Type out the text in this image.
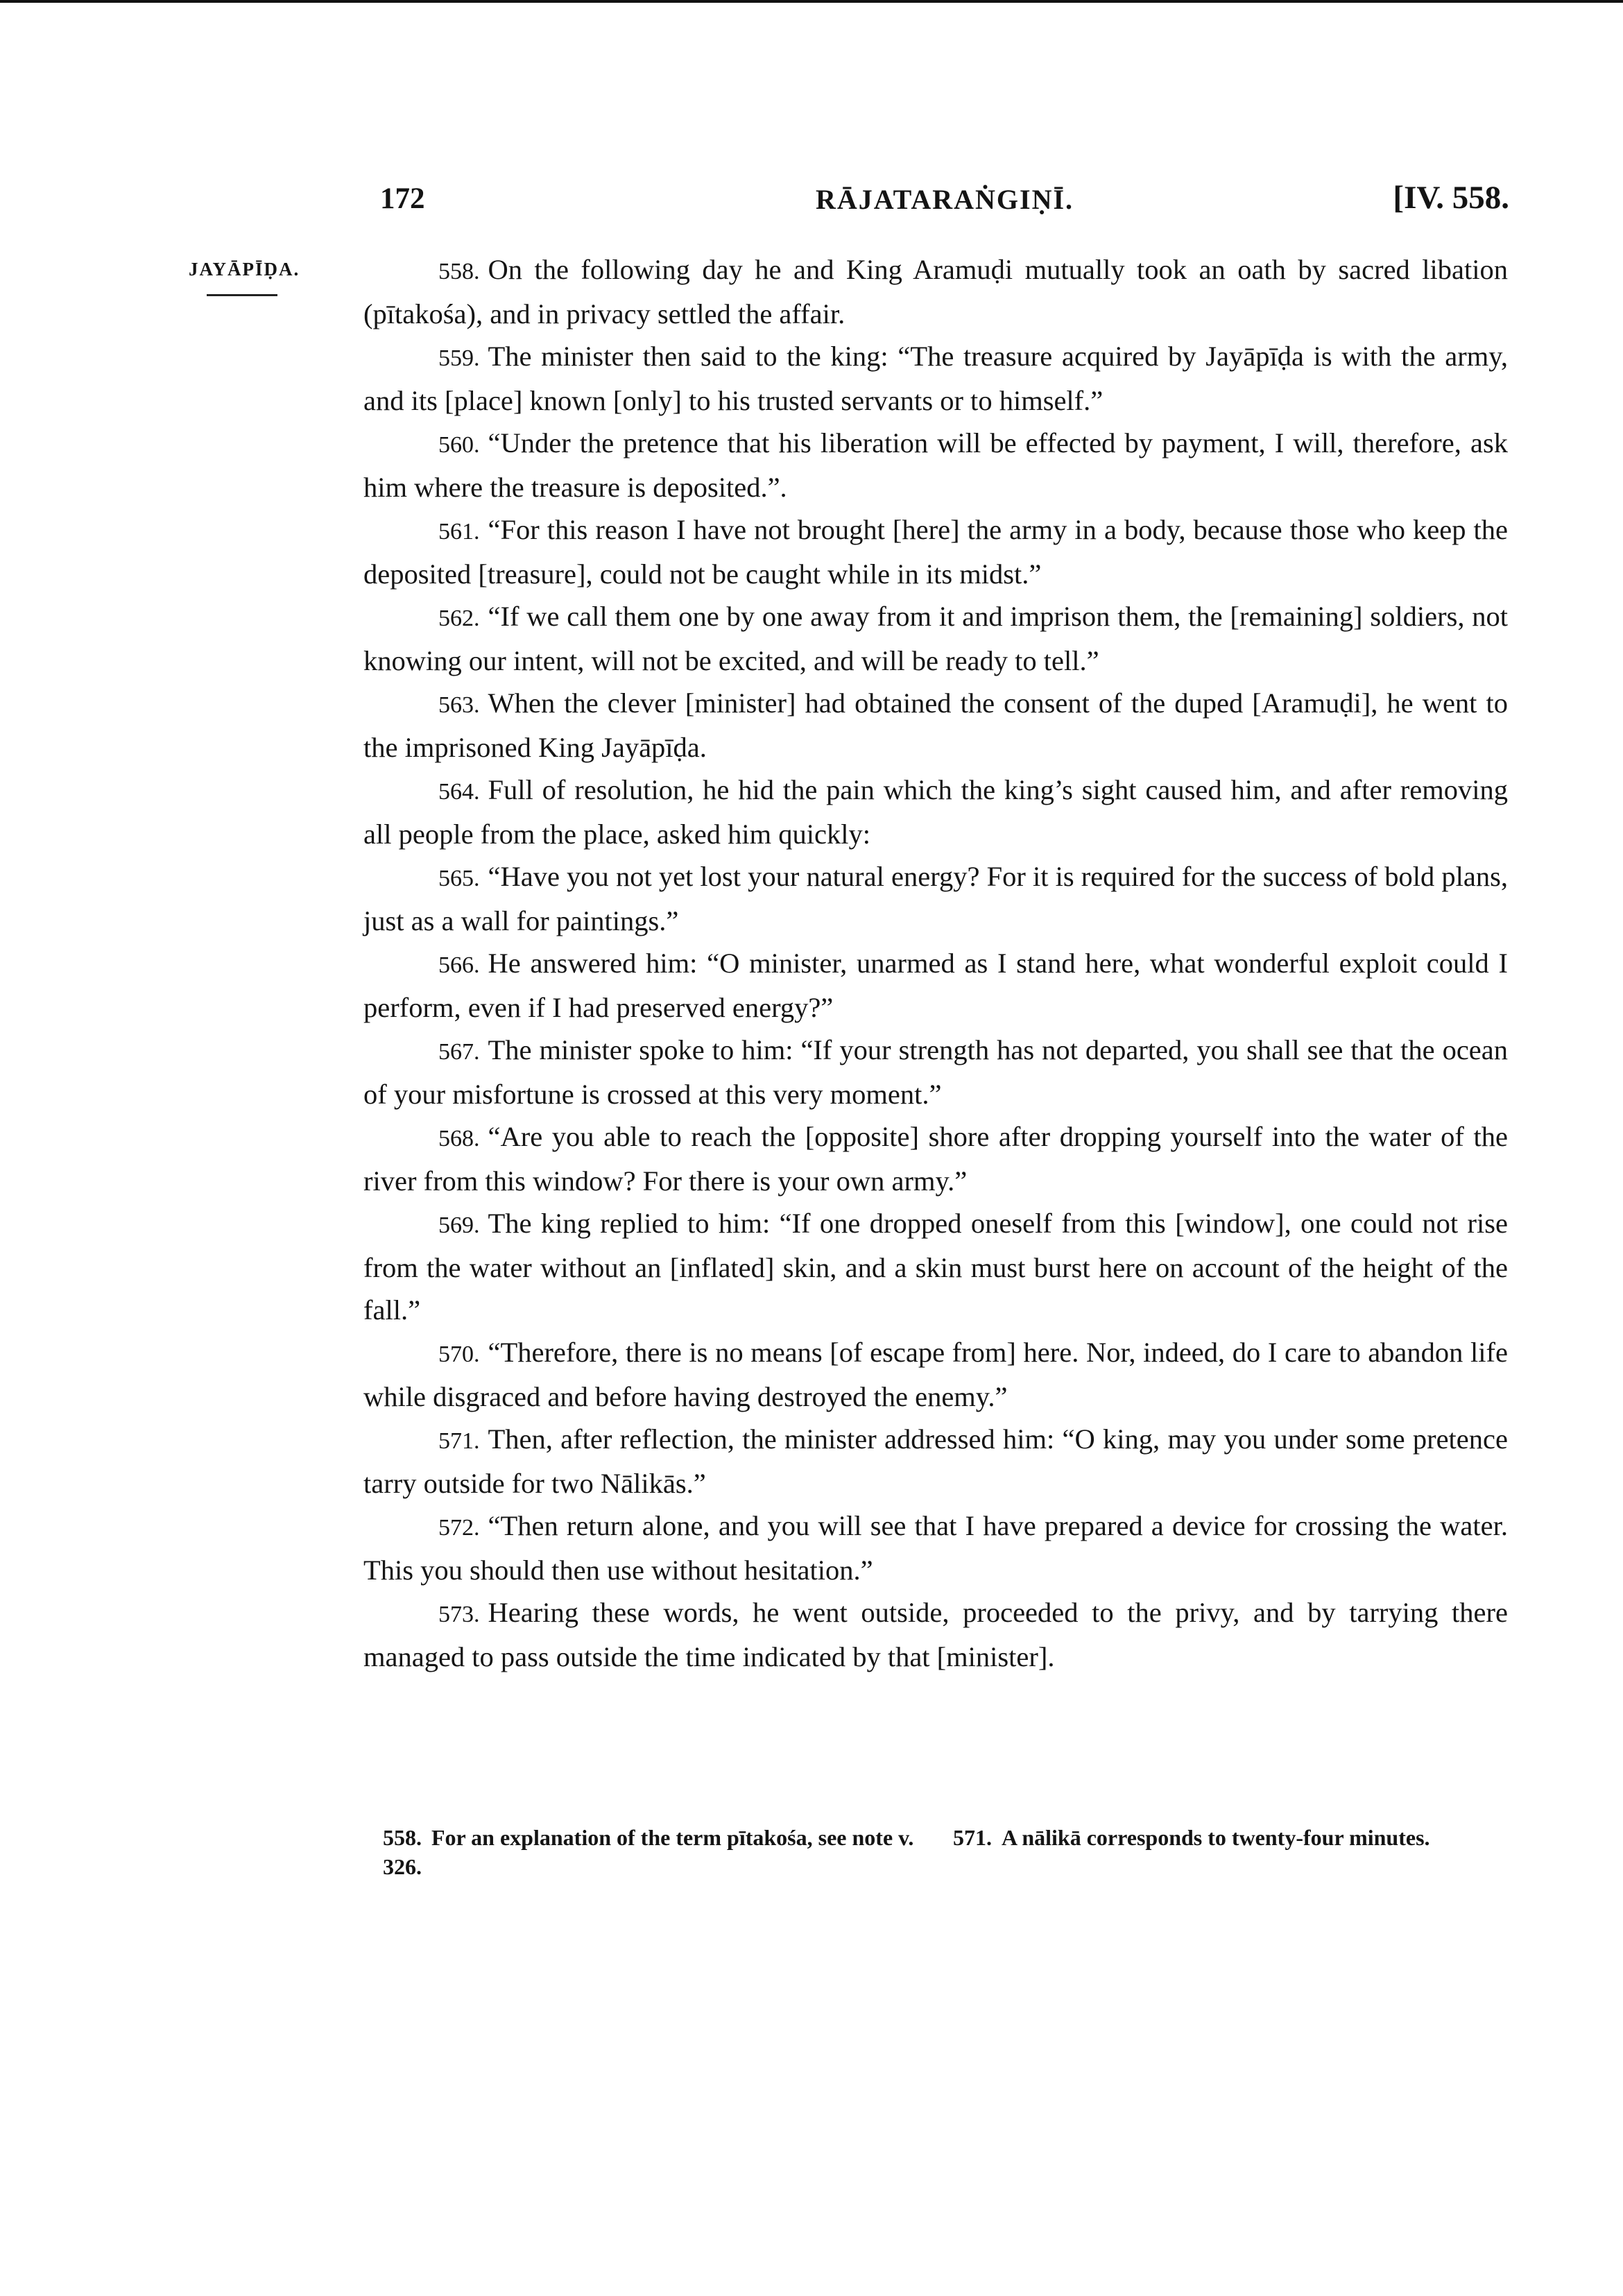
172	RĀJATARAṄGIṆĪ.	[IV. 558.
JAYĀPĪḌA.	558. On the following day he and King Aramuḍi mutually took an oath by sacred libation (pītakośa), and in privacy settled the affair.

559. The minister then said to the king: “The treasure acquired by Jayāpīḍa is with the army, and its [place] known [only] to his trusted servants or to himself.”

560. “Under the pretence that his liberation will be effected by payment, I will, therefore, ask him where the treasure is deposited.”.

561. “For this reason I have not brought [here] the army in a body, because those who keep the deposited [treasure], could not be caught while in its midst.”

562. “If we call them one by one away from it and imprison them, the [remaining] soldiers, not knowing our intent, will not be excited, and will be ready to tell.”

563. When the clever [minister] had obtained the consent of the duped [Aramuḍi], he went to the imprisoned King Jayāpīḍa.

564. Full of resolution, he hid the pain which the king’s sight caused him, and after removing all people from the place, asked him quickly:

565. “Have you not yet lost your natural energy? For it is required for the success of bold plans, just as a wall for paintings.”

566. He answered him: “O minister, unarmed as I stand here, what wonderful exploit could I perform, even if I had preserved energy?”

567. The minister spoke to him: “If your strength has not departed, you shall see that the ocean of your misfortune is crossed at this very moment.”

568. “Are you able to reach the [opposite] shore after dropping yourself into the water of the river from this window? For there is your own army.”

569. The king replied to him: “If one dropped oneself from this [window], one could not rise from the water without an [inflated] skin, and a skin must burst here on account of the height of the fall.”

570. “Therefore, there is no means [of escape from] here. Nor, indeed, do I care to abandon life while disgraced and before having destroyed the enemy.”

571. Then, after reflection, the minister addressed him: “O king, may you under some pretence tarry outside for two Nālikās.”

572. “Then return alone, and you will see that I have prepared a device for crossing the water. This you should then use without hesitation.”

573. Hearing these words, he went outside, proceeded to the privy, and by tarrying there managed to pass outside the time indicated by that [minister].

558. For an explanation of the term pītakośa, see note v. 326.
571. A nālikā corresponds to twenty-four minutes.
